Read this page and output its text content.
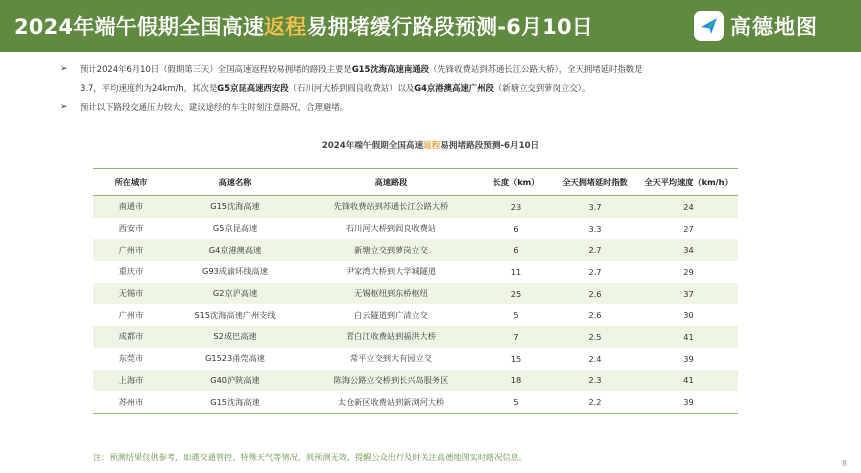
2024年端午假期全国高速返程易拥堵缓行路段预测-6月10日	高德地图
➢ 预计2024年6月10日（假期第三天）全国高速返程较易拥堵的路段主要是G15沈海高速南通段（先锋收费站到苏通长江公路大桥），全天拥堵延时指数是
3.7，平均速度约为24km/h，其次是G5京昆高速西安段（石川河大桥到阎良收费站）以及G4京港澳高速广州段（新塘立交到萝岗立交）。
➢ 预计以下路段交通压力较大，建议途经的车主时刻注意路况，合理避堵。
2024年端午假期全国高速返程易拥堵路段预测-6月10日
所在城市	高速名称	高速路段	长度（km）	全天拥堵延时指数	全天平均速度（km/h）
南通市	G15沈海高速	先锋收费站到苏通长江公路大桥	23	3.7	24
西安市	G5京昆高速	石川河大桥到阎良收费站	6	3.3	27
广州市	G4京港澳高速	新塘立交到萝岗立交	6	2.7	34
重庆市	G93成渝环线高速	尹家湾大桥到大学城隧道	11	2.7	29
无锡市	G2京沪高速	无锡枢纽到东桥枢纽	25	2.6	37
广州市	S15沈海高速广州支线	白云隧道到广清立交	5	2.6	30
成都市	S2成巴高速	青白江收费站到福洪大桥	7	2.5	41
东莞市	G1523甬莞高速	常平立交到大有园立交	15	2.4	39
上海市	G40沪陕高速	陈海公路立交桥到长兴岛服务区	18	2.3	41
苏州市	G15沈海高速	太仓新区收费站到新浏河大桥	5	2.2	39
注：预测结果仅供参考，如遇交通管控、特殊天气等情况，则预测无效，提醒公众出行及时关注高德地图实时路况信息。
8
